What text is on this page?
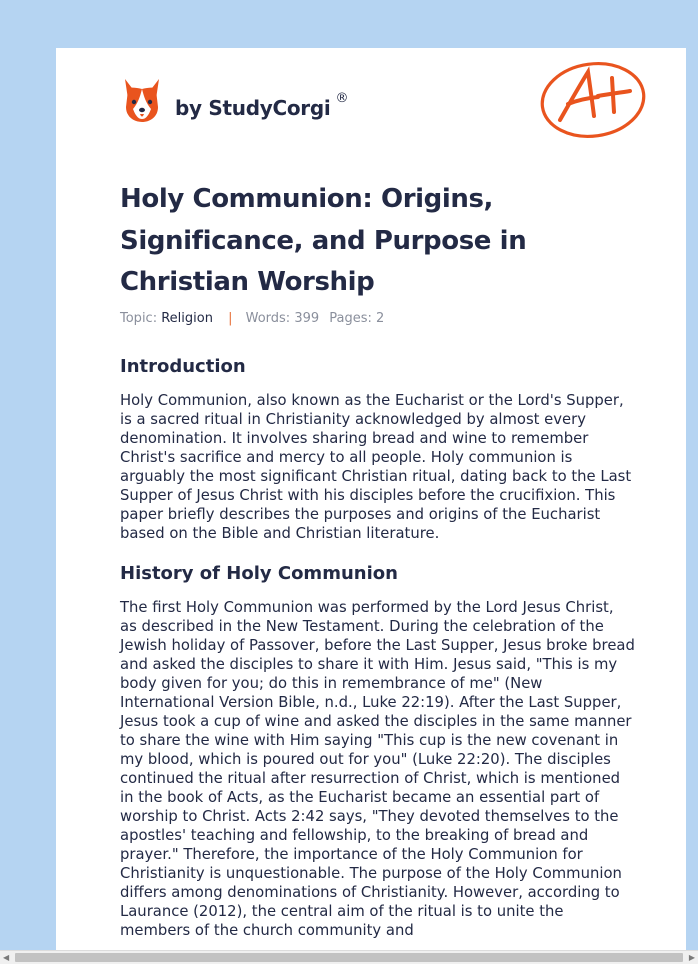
by StudyCorgi ®
Holy Communion: Origins, Significance, and Purpose in Christian Worship
Topic: Religion | Words: 399 Pages: 2
Introduction

Holy Communion, also known as the Eucharist or the Lord's Supper, is a sacred ritual in Christianity acknowledged by almost every denomination. It involves sharing bread and wine to remember Christ's sacrifice and mercy to all people. Holy communion is arguably the most significant Christian ritual, dating back to the Last Supper of Jesus Christ with his disciples before the crucifixion. This paper briefly describes the purposes and origins of the Eucharist based on the Bible and Christian literature.

History of Holy Communion

The first Holy Communion was performed by the Lord Jesus Christ, as described in the New Testament. During the celebration of the Jewish holiday of Passover, before the Last Supper, Jesus broke bread and asked the disciples to share it with Him. Jesus said, "This is my body given for you; do this in remembrance of me" (New International Version Bible, n.d., Luke 22:19). After the Last Supper, Jesus took a cup of wine and asked the disciples in the same manner to share the wine with Him saying "This cup is the new covenant in my blood, which is poured out for you" (Luke 22:20). The disciples continued the ritual after resurrection of Christ, which is mentioned in the book of Acts, as the Eucharist became an essential part of worship to Christ. Acts 2:42 says, "They devoted themselves to the apostles' teaching and fellowship, to the breaking of bread and prayer." Therefore, the importance of the Holy Communion for Christianity is unquestionable. The purpose of the Holy Communion differs among denominations of Christianity. However, according to Laurance (2012), the central aim of the ritual is to unite the members of the church community and

◀	▶
